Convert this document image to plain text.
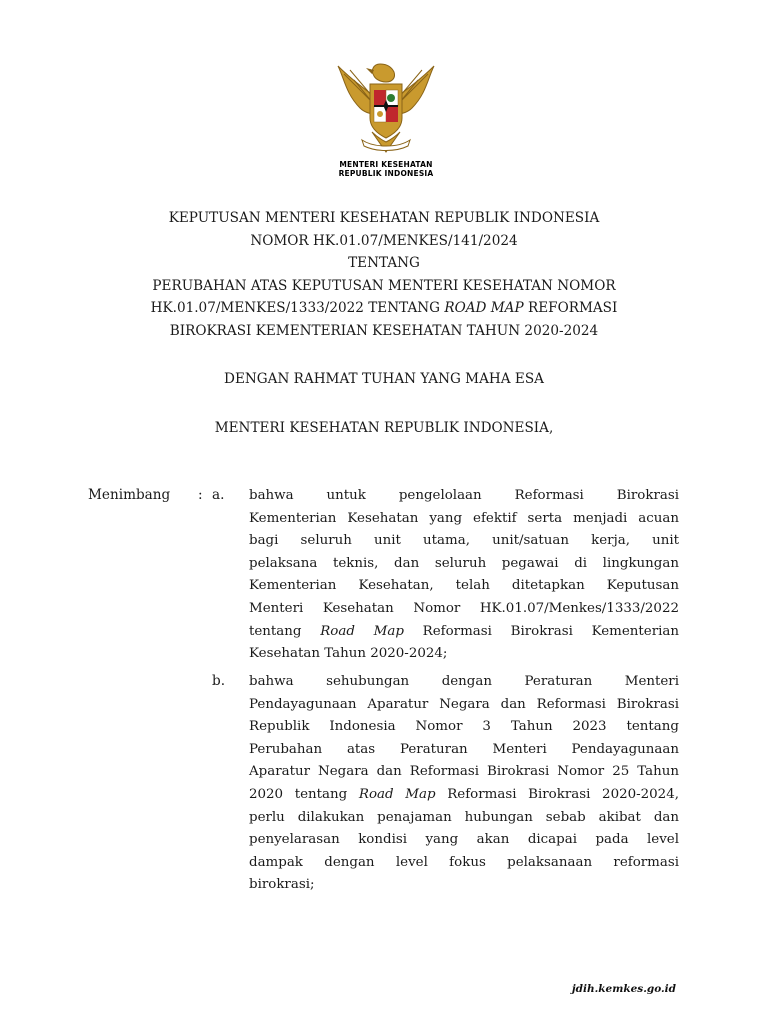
MENTERI KESEHATAN
REPUBLIK INDONESIA
KEPUTUSAN MENTERI KESEHATAN REPUBLIK INDONESIA
NOMOR HK.01.07/MENKES/141/2024
TENTANG
PERUBAHAN ATAS KEPUTUSAN MENTERI KESEHATAN NOMOR
HK.01.07/MENKES/1333/2022 TENTANG ROAD MAP REFORMASI
BIROKRASI KEMENTERIAN KESEHATAN TAHUN 2020-2024
DENGAN RAHMAT TUHAN YANG MAHA ESA
MENTERI KESEHATAN REPUBLIK INDONESIA,
Menimbang : a. bahwa untuk pengelolaan Reformasi Birokrasi
Kementerian Kesehatan yang efektif serta menjadi acuan
bagi seluruh unit utama, unit/satuan kerja, unit
pelaksana teknis, dan seluruh pegawai di lingkungan
Kementerian Kesehatan, telah ditetapkan Keputusan
Menteri Kesehatan Nomor HK.01.07/Menkes/1333/2022
tentang Road Map Reformasi Birokrasi Kementerian
Kesehatan Tahun 2020-2024;
b. bahwa sehubungan dengan Peraturan Menteri
Pendayagunaan Aparatur Negara dan Reformasi Birokrasi
Republik Indonesia Nomor 3 Tahun 2023 tentang
Perubahan atas Peraturan Menteri Pendayagunaan
Aparatur Negara dan Reformasi Birokrasi Nomor 25 Tahun
2020 tentang Road Map Reformasi Birokrasi 2020-2024,
perlu dilakukan penajaman hubungan sebab akibat dan
penyelarasan kondisi yang akan dicapai pada level
dampak dengan level fokus pelaksanaan reformasi
birokrasi;
jdih.kemkes.go.id
